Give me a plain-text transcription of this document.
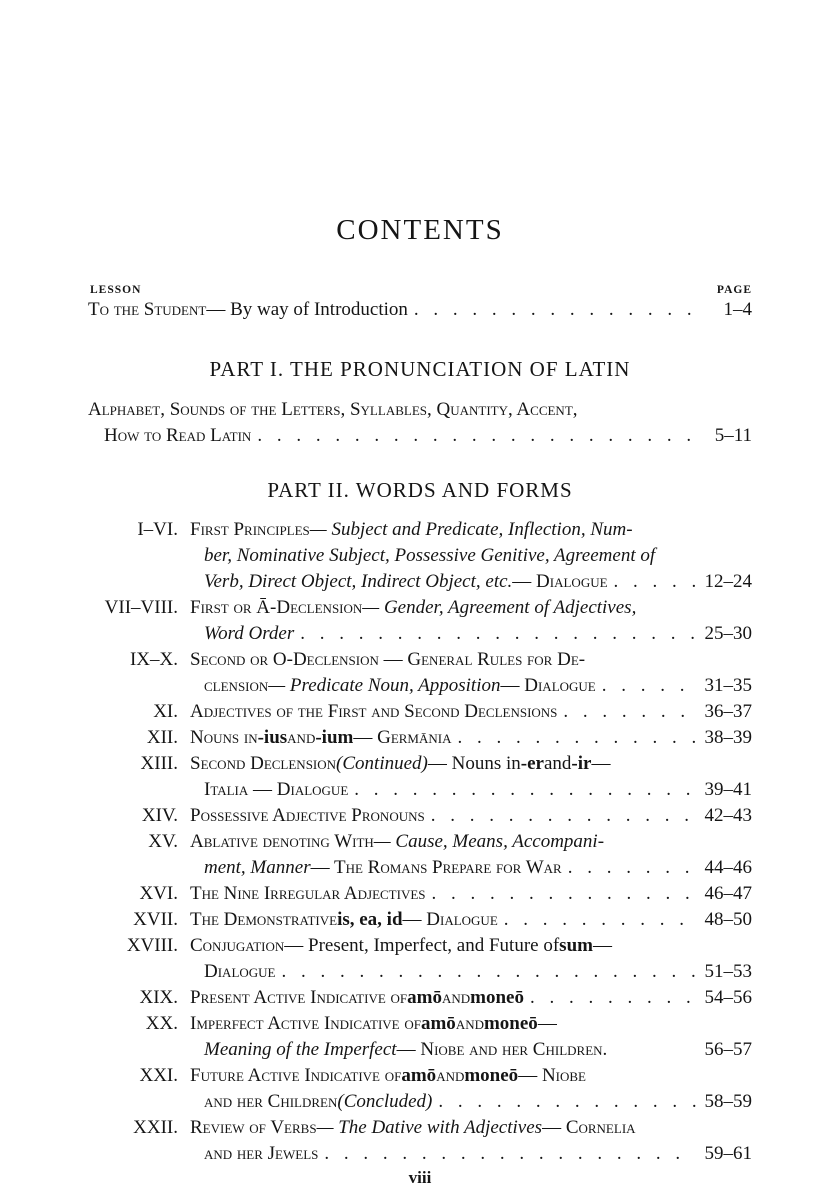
CONTENTS
LESSON	PAGE
To the Student — By way of Introduction . . .	1–4
PART I. THE PRONUNCIATION OF LATIN
Alphabet, Sounds of the Letters, Syllables, Quantity, Accent,
How to Read Latin . . .	5–11
PART II. WORDS AND FORMS
I–VI. First Principles — Subject and Predicate, Inflection, Num-
ber, Nominative Subject, Possessive Genitive, Agreement of
Verb, Direct Object, Indirect Object, etc. — Dialogue . . .	12–24
VII–VIII. First or Ā-Declension — Gender, Agreement of Adjectives,
Word Order . . .	25–30
IX–X. Second or O-Declension — General Rules for De-
clension — Predicate Noun, Apposition — Dialogue . . .	31–35
XI. Adjectives of the First and Second Declensions . . .	36–37
XII. Nouns in -ius and -ium — Germānia . . .	38–39
XIII. Second Declension (Continued) — Nouns in -er and -ir —
Italia — Dialogue . . .	39–41
XIV. Possessive Adjective Pronouns . . .	42–43
XV. Ablative denoting With — Cause, Means, Accompani-
ment, Manner — The Romans Prepare for War . . .	44–46
XVI. The Nine Irregular Adjectives . . .	46–47
XVII. The Demonstrative is, ea, id — Dialogue . . .	48–50
XVIII. Conjugation — Present, Imperfect, and Future of sum —
Dialogue . . .	51–53
XIX. Present Active Indicative of amō and moneō . . .	54–56
XX. Imperfect Active Indicative of amō and moneō —
Meaning of the Imperfect — Niobe and her Children.	56–57
XXI. Future Active Indicative of amō and moneō — Niobe
and her Children (Concluded) . . .	58–59
XXII. Review of Verbs — The Dative with Adjectives — Cornelia
and her Jewels . . .	59–61
viii
